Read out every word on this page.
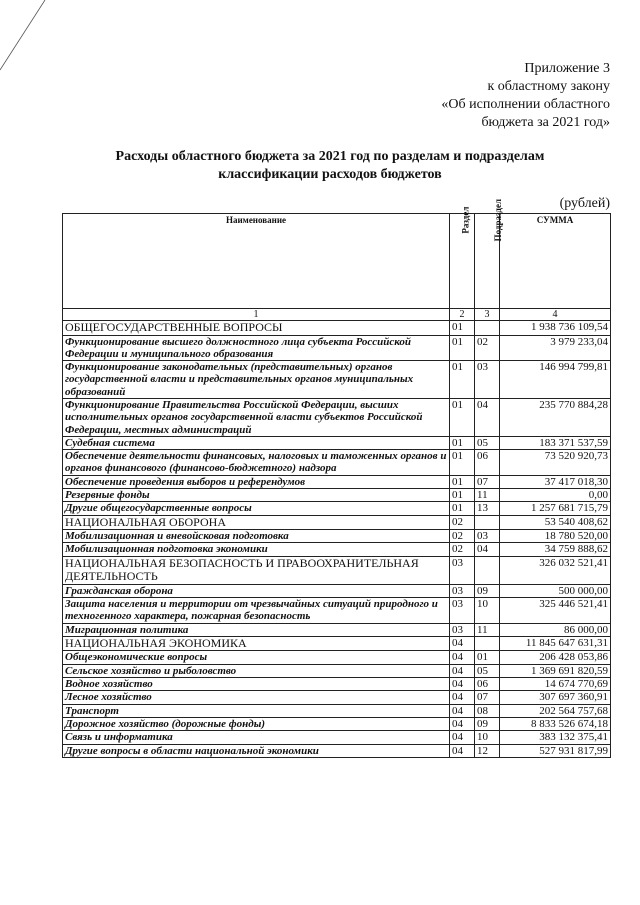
Приложение 3
к областному закону
«Об исполнении областного
бюджета за 2021 год»
Расходы областного бюджета за 2021 год по разделам и подразделам
классификации расходов бюджетов
(рублей)
Наименование	Раздел	Подраздел	СУММА
1	2	3	4
ОБЩЕГОСУДАРСТВЕННЫЕ ВОПРОСЫ	01		1 938 736 109,54
Функционирование высшего должностного лица субъекта Российской Федерации и муниципального образования	01	02	3 979 233,04
Функционирование законодательных (представительных) органов государственной власти и представительных органов муниципальных образований	01	03	146 994 799,81
Функционирование Правительства Российской Федерации, высших исполнительных органов государственной власти субъектов Российской Федерации, местных администраций	01	04	235 770 884,28
Судебная система	01	05	183 371 537,59
Обеспечение деятельности финансовых, налоговых и таможенных органов и органов финансового (финансово-бюджетного) надзора	01	06	73 520 920,73
Обеспечение проведения выборов и референдумов	01	07	37 417 018,30
Резервные фонды	01	11	0,00
Другие общегосударственные вопросы	01	13	1 257 681 715,79
НАЦИОНАЛЬНАЯ ОБОРОНА	02		53 540 408,62
Мобилизационная и вневойсковая подготовка	02	03	18 780 520,00
Мобилизационная подготовка экономики	02	04	34 759 888,62
НАЦИОНАЛЬНАЯ БЕЗОПАСНОСТЬ И ПРАВООХРАНИТЕЛЬНАЯ ДЕЯТЕЛЬНОСТЬ	03		326 032 521,41
Гражданская оборона	03	09	500 000,00
Защита населения и территории от чрезвычайных ситуаций природного и техногенного характера, пожарная безопасность	03	10	325 446 521,41
Миграционная политика	03	11	86 000,00
НАЦИОНАЛЬНАЯ ЭКОНОМИКА	04		11 845 647 631,31
Общеэкономические вопросы	04	01	206 428 053,86
Сельское хозяйство и рыболовство	04	05	1 369 691 820,59
Водное хозяйство	04	06	14 674 770,69
Лесное хозяйство	04	07	307 697 360,91
Транспорт	04	08	202 564 757,68
Дорожное хозяйство (дорожные фонды)	04	09	8 833 526 674,18
Связь и информатика	04	10	383 132 375,41
Другие вопросы в области национальной экономики	04	12	527 931 817,99
